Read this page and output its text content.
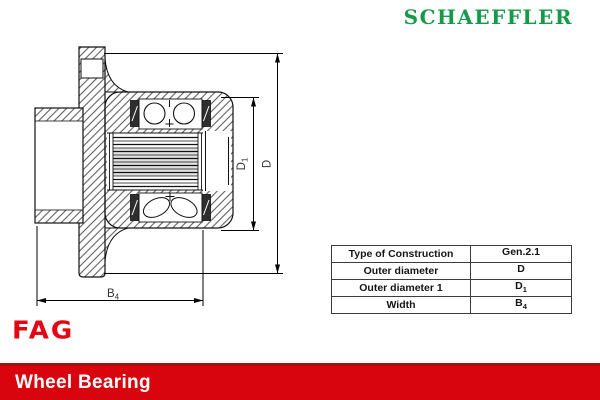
SCHAEFFLER
$B_4$
$D_1$ D
Type of Construction	Gen.2.1
Outer diameter	D
Outer diameter 1	$D_1$
Width	$B_4$
FAG
Wheel Bearing
